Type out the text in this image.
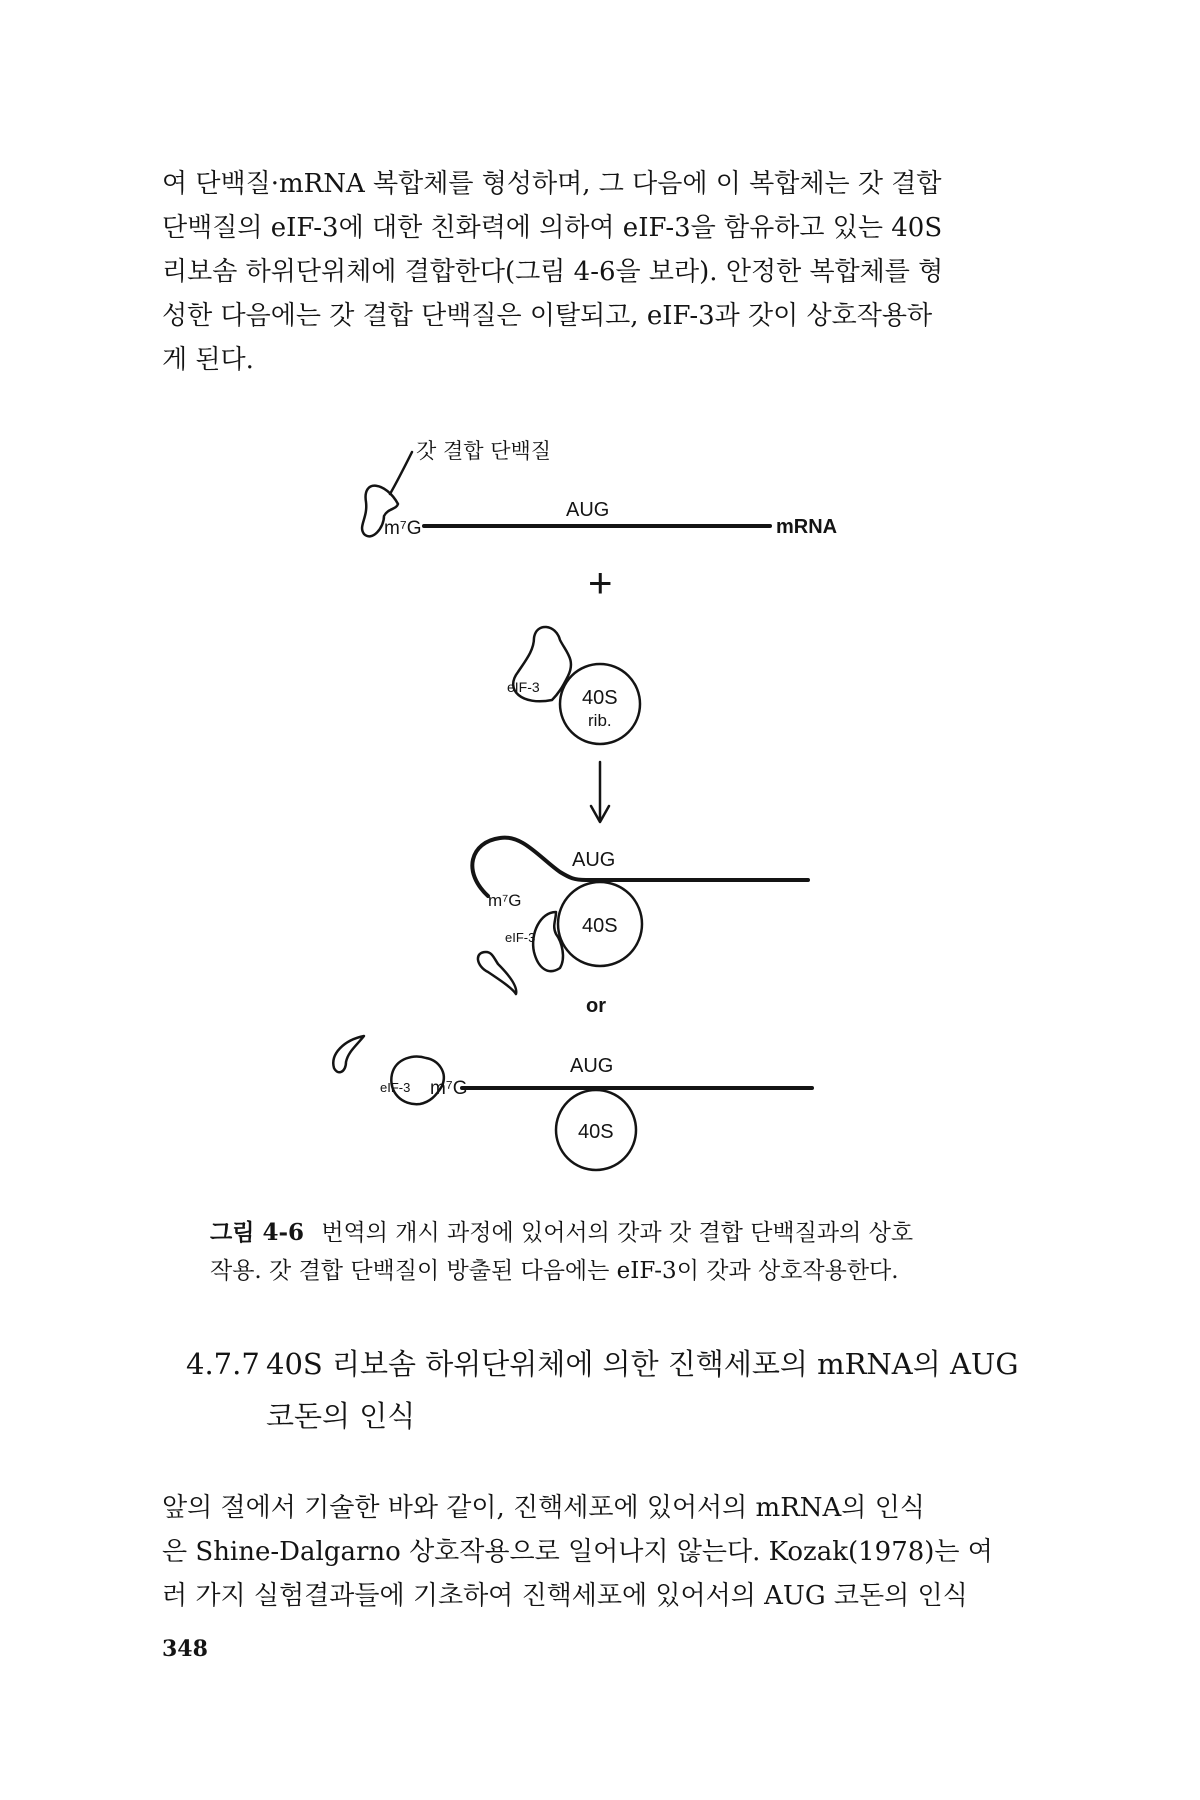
여 단백질·mRNA 복합체를 형성하며, 그 다음에 이 복합체는 갓 결합
단백질의 eIF-3에 대한 친화력에 의하여 eIF-3을 함유하고 있는 40S
리보솜 하위단위체에 결합한다(그림 4-6을 보라). 안정한 복합체를 형
성한 다음에는 갓 결합 단백질은 이탈되고, eIF-3과 갓이 상호작용하
게 된다.

갓 결합 단백질
m⁷G
AUG
mRNA
+
eIF-3 40S
rib.
AUG
m⁷G
eIF-3
40S
or
eIF-3 m⁷G
AUG
40S

그림 4-6 번역의 개시 과정에 있어서의 갓과 갓 결합 단백질과의 상호
작용. 갓 결합 단백질이 방출된 다음에는 eIF-3이 갓과 상호작용한다.

4.7.7 40S 리보솜 하위단위체에 의한 진핵세포의 mRNA의 AUG
코돈의 인식

앞의 절에서 기술한 바와 같이, 진핵세포에 있어서의 mRNA의 인식
은 Shine-Dalgarno 상호작용으로 일어나지 않는다. Kozak(1978)는 여
러 가지 실험결과들에 기초하여 진핵세포에 있어서의 AUG 코돈의 인식

348
